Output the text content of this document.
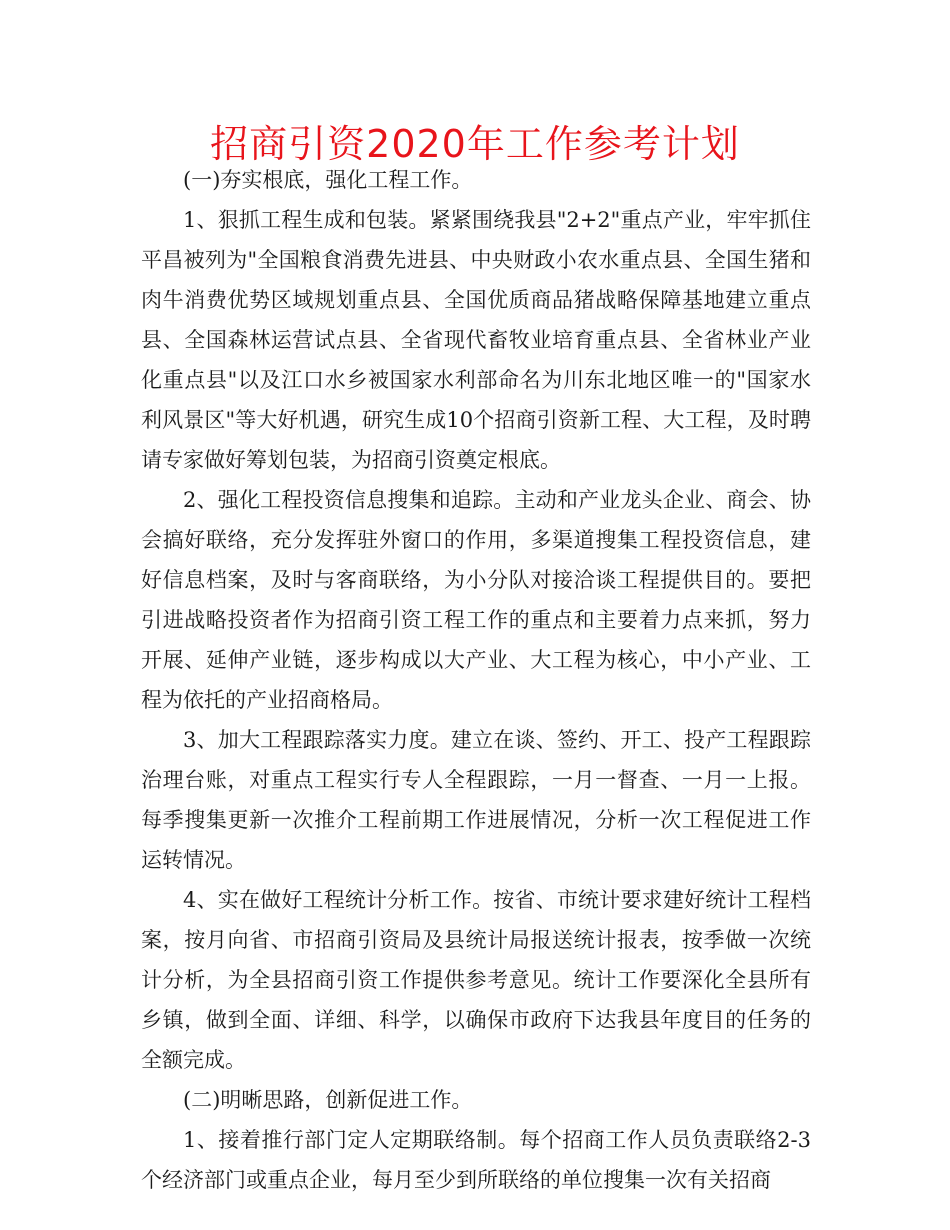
招商引资2020年工作参考计划

(一)夯实根底，强化工程工作。

1、狠抓工程生成和包装。紧紧围绕我县"2+2"重点产业，牢牢抓住平昌被列为"全国粮食消费先进县、中央财政小农水重点县、全国生猪和肉牛消费优势区域规划重点县、全国优质商品猪战略保障基地建立重点县、全国森林运营试点县、全省现代畜牧业培育重点县、全省林业产业化重点县"以及江口水乡被国家水利部命名为川东北地区唯一的"国家水利风景区"等大好机遇，研究生成10个招商引资新工程、大工程，及时聘请专家做好筹划包装，为招商引资奠定根底。

2、强化工程投资信息搜集和追踪。主动和产业龙头企业、商会、协会搞好联络，充分发挥驻外窗口的作用，多渠道搜集工程投资信息，建好信息档案，及时与客商联络，为小分队对接洽谈工程提供目的。要把引进战略投资者作为招商引资工程工作的重点和主要着力点来抓，努力开展、延伸产业链，逐步构成以大产业、大工程为核心，中小产业、工程为依托的产业招商格局。

3、加大工程跟踪落实力度。建立在谈、签约、开工、投产工程跟踪治理台账，对重点工程实行专人全程跟踪，一月一督查、一月一上报。每季搜集更新一次推介工程前期工作进展情况，分析一次工程促进工作运转情况。

4、实在做好工程统计分析工作。按省、市统计要求建好统计工程档案，按月向省、市招商引资局及县统计局报送统计报表，按季做一次统计分析，为全县招商引资工作提供参考意见。统计工作要深化全县所有乡镇，做到全面、详细、科学，以确保市政府下达我县年度目的任务的全额完成。

(二)明晰思路，创新促进工作。

1、接着推行部门定人定期联络制。每个招商工作人员负责联络2-3个经济部门或重点企业，每月至少到所联络的单位搜集一次有关招商
